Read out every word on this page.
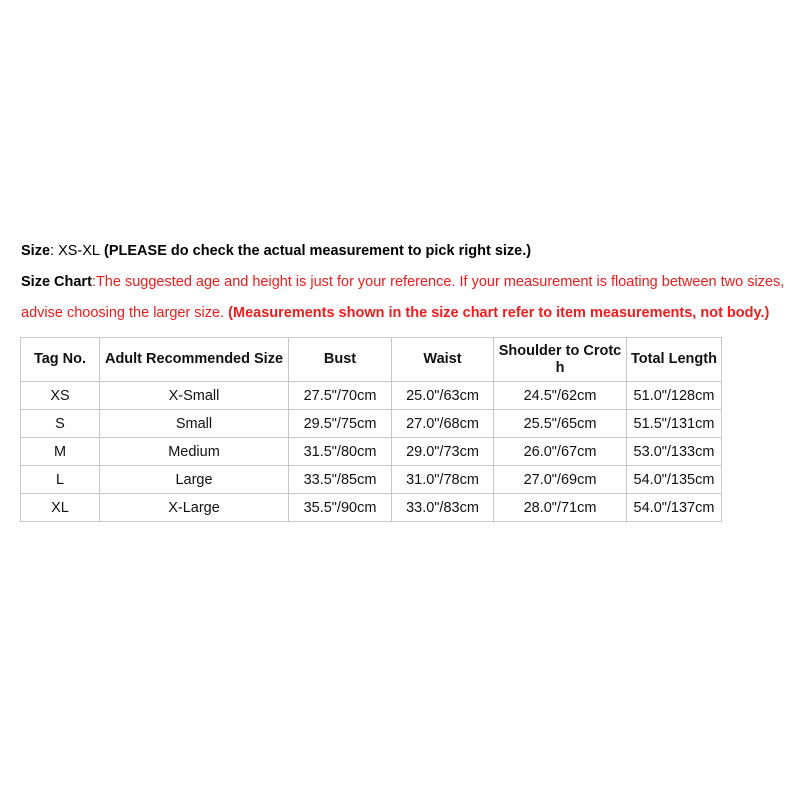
Size: XS-XL (PLEASE do check the actual measurement to pick right size.)
Size Chart:The suggested age and height is just for your reference. If your measurement is floating between two sizes,
advise choosing the larger size. (Measurements shown in the size chart refer to item measurements, not body.)
Tag No.	Adult Recommended Size	Bust	Waist	Shoulder to Crotch	Total Length
XS	X-Small	27.5"/70cm	25.0"/63cm	24.5"/62cm	51.0"/128cm
S	Small	29.5"/75cm	27.0"/68cm	25.5"/65cm	51.5"/131cm
M	Medium	31.5"/80cm	29.0"/73cm	26.0"/67cm	53.0"/133cm
L	Large	33.5"/85cm	31.0"/78cm	27.0"/69cm	54.0"/135cm
XL	X-Large	35.5"/90cm	33.0"/83cm	28.0"/71cm	54.0"/137cm
